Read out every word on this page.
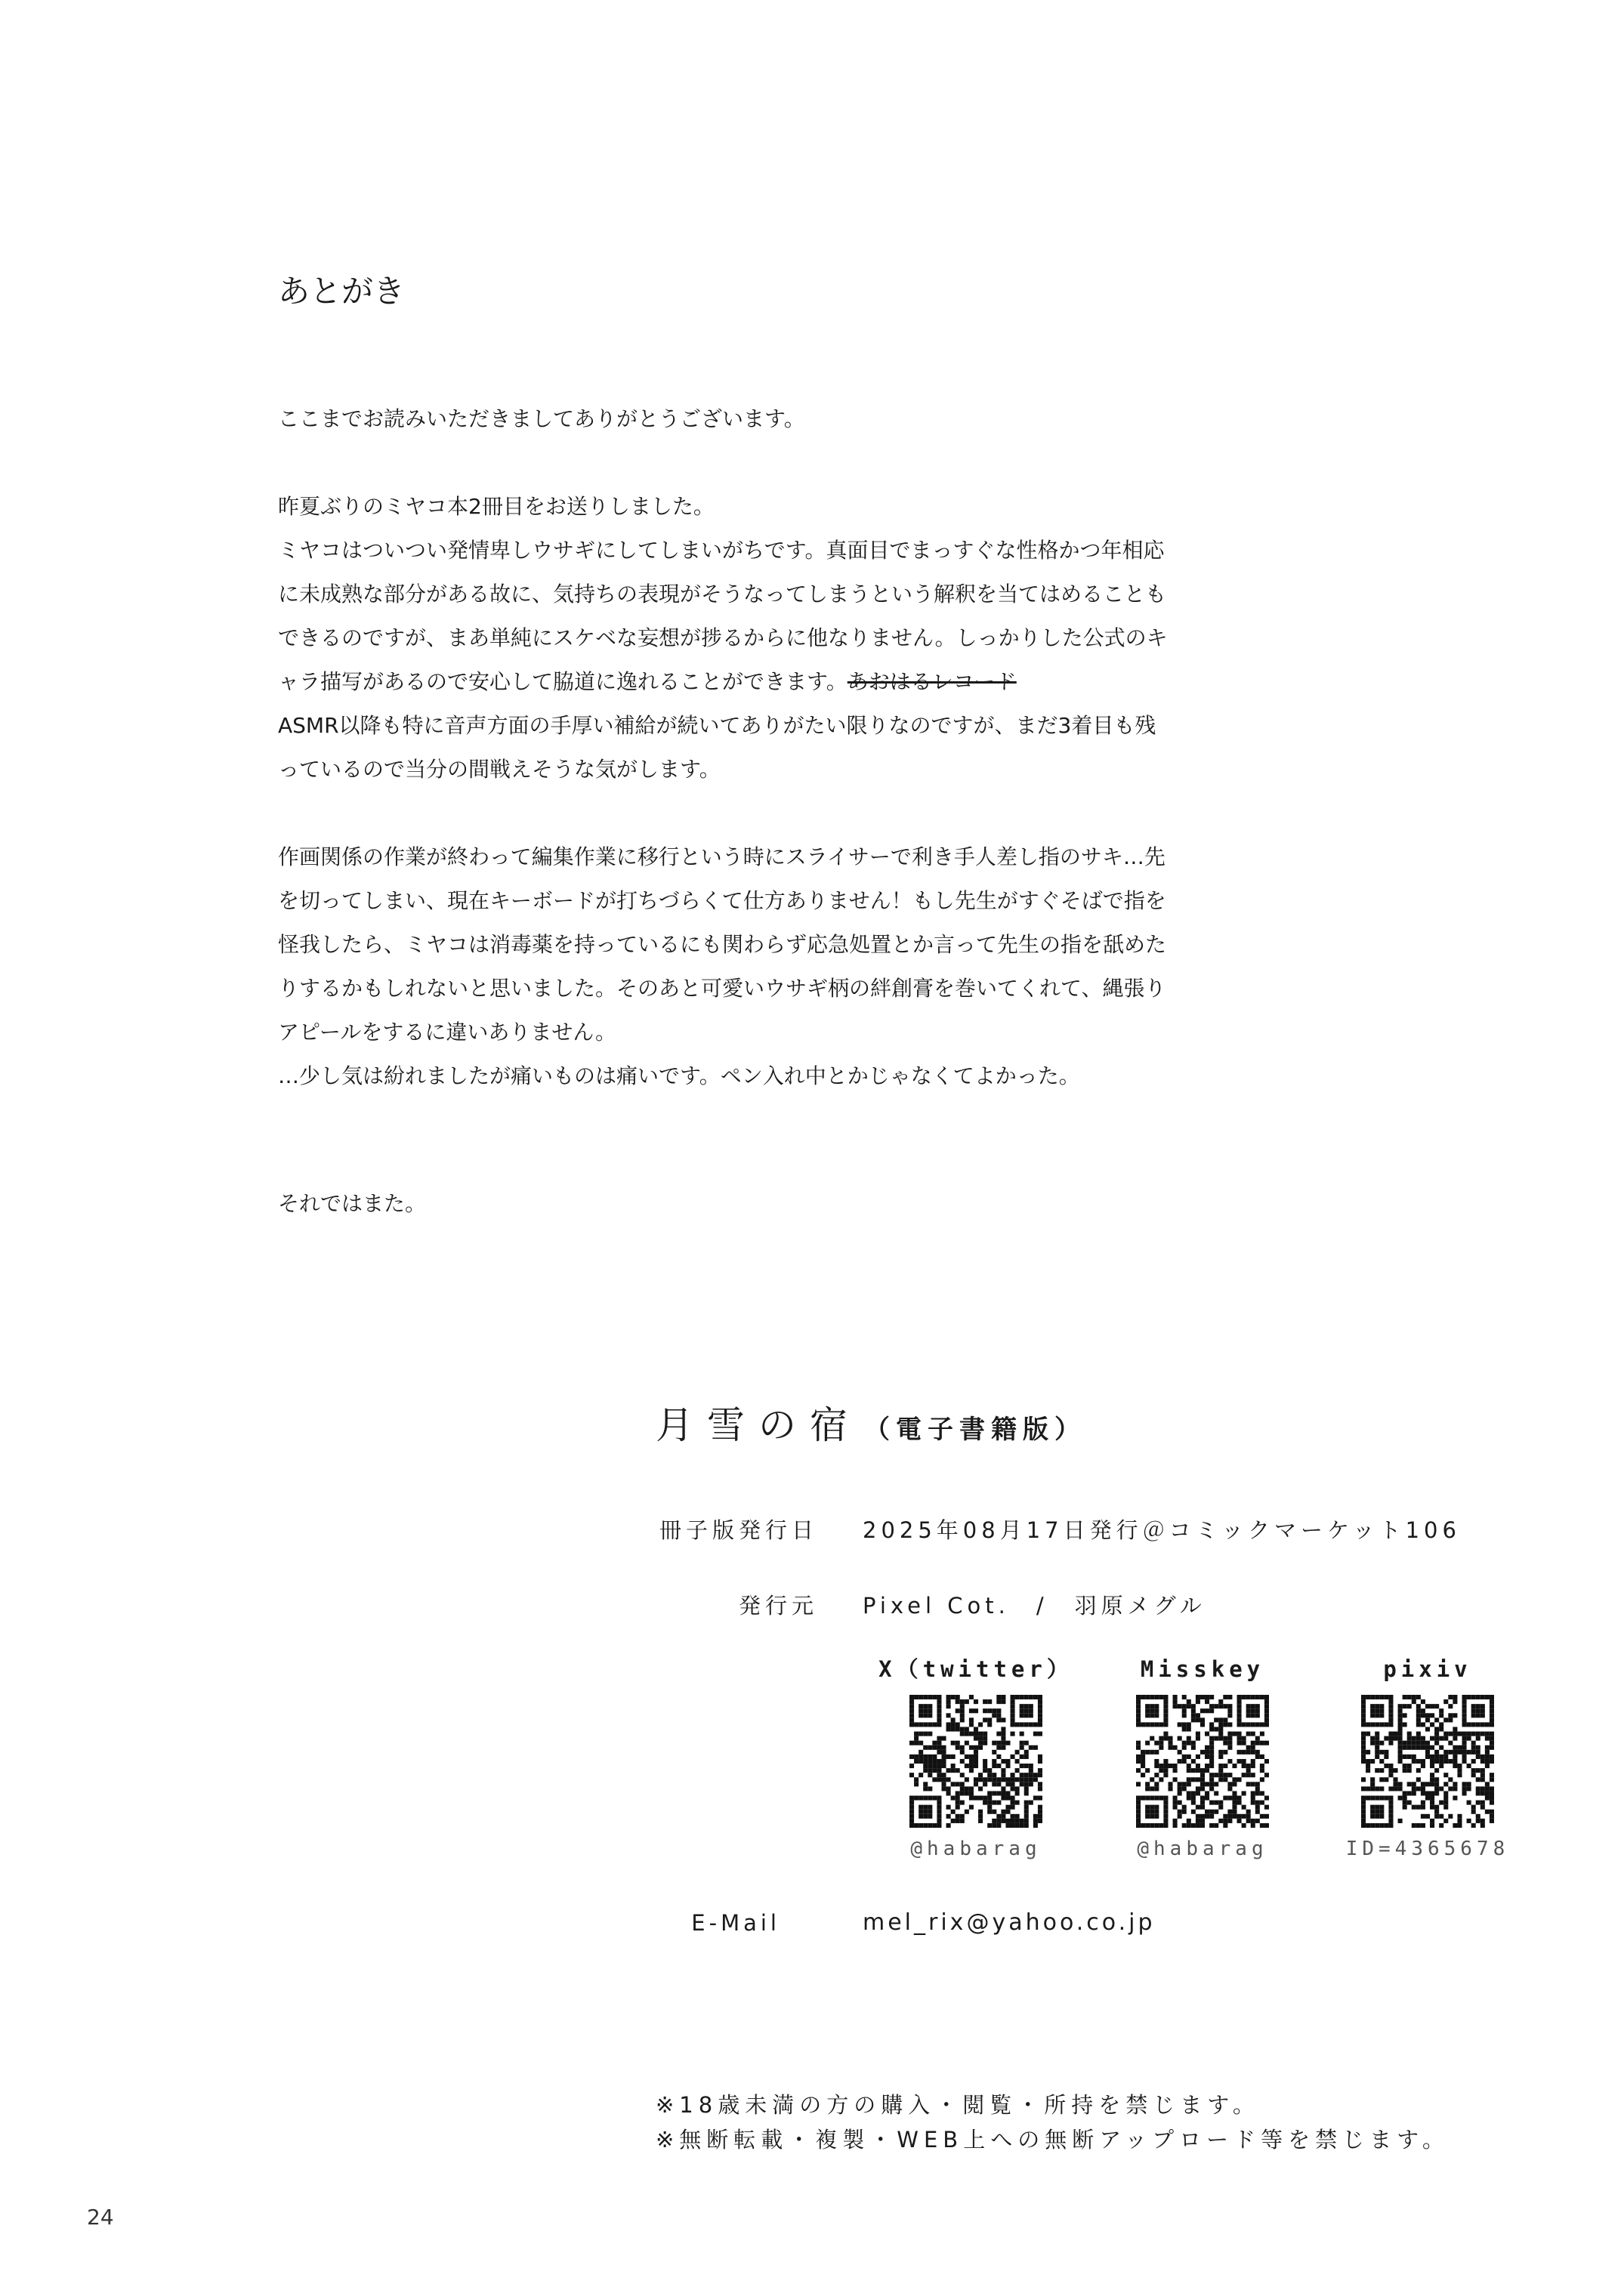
あとがき
ここまでお読みいただきましてありがとうございます。
昨夏ぶりのミヤコ本2冊目をお送りしました。
ミヤコはついつい発情卑しウサギにしてしまいがちです。真面目でまっすぐな性格かつ年相応
に未成熟な部分がある故に、気持ちの表現がそうなってしまうという解釈を当てはめることも
できるのですが、まあ単純にスケベな妄想が捗るからに他なりません。しっかりした公式のキ
ャラ描写があるので安心して脇道に逸れることができます。あおはるレコード
ASMR以降も特に音声方面の手厚い補給が続いてありがたい限りなのですが、まだ3着目も残
っているので当分の間戦えそうな気がします。
作画関係の作業が終わって編集作業に移行という時にスライサーで利き手人差し指のサキ…先
を切ってしまい、現在キーボードが打ちづらくて仕方ありません！もし先生がすぐそばで指を
怪我したら、ミヤコは消毒薬を持っているにも関わらず応急処置とか言って先生の指を舐めた
りするかもしれないと思いました。そのあと可愛いウサギ柄の絆創膏を巻いてくれて、縄張り
アピールをするに違いありません。
…少し気は紛れましたが痛いものは痛いです。ペン入れ中とかじゃなくてよかった。
それではまた。
月雪の宿 （電子書籍版）
冊子版発行日 2025年08月17日発行＠コミックマーケット106
発行元 Pixel Cot.　/　羽原メグル
X（twitter）
@habarag
Misskey
@habarag
pixiv
ID=4365678
E-Mail	mel_rix@yahoo.co.jp
※18歳未満の方の購入・閲覧・所持を禁じます。
※無断転載・複製・WEB上への無断アップロード等を禁じます。
24
